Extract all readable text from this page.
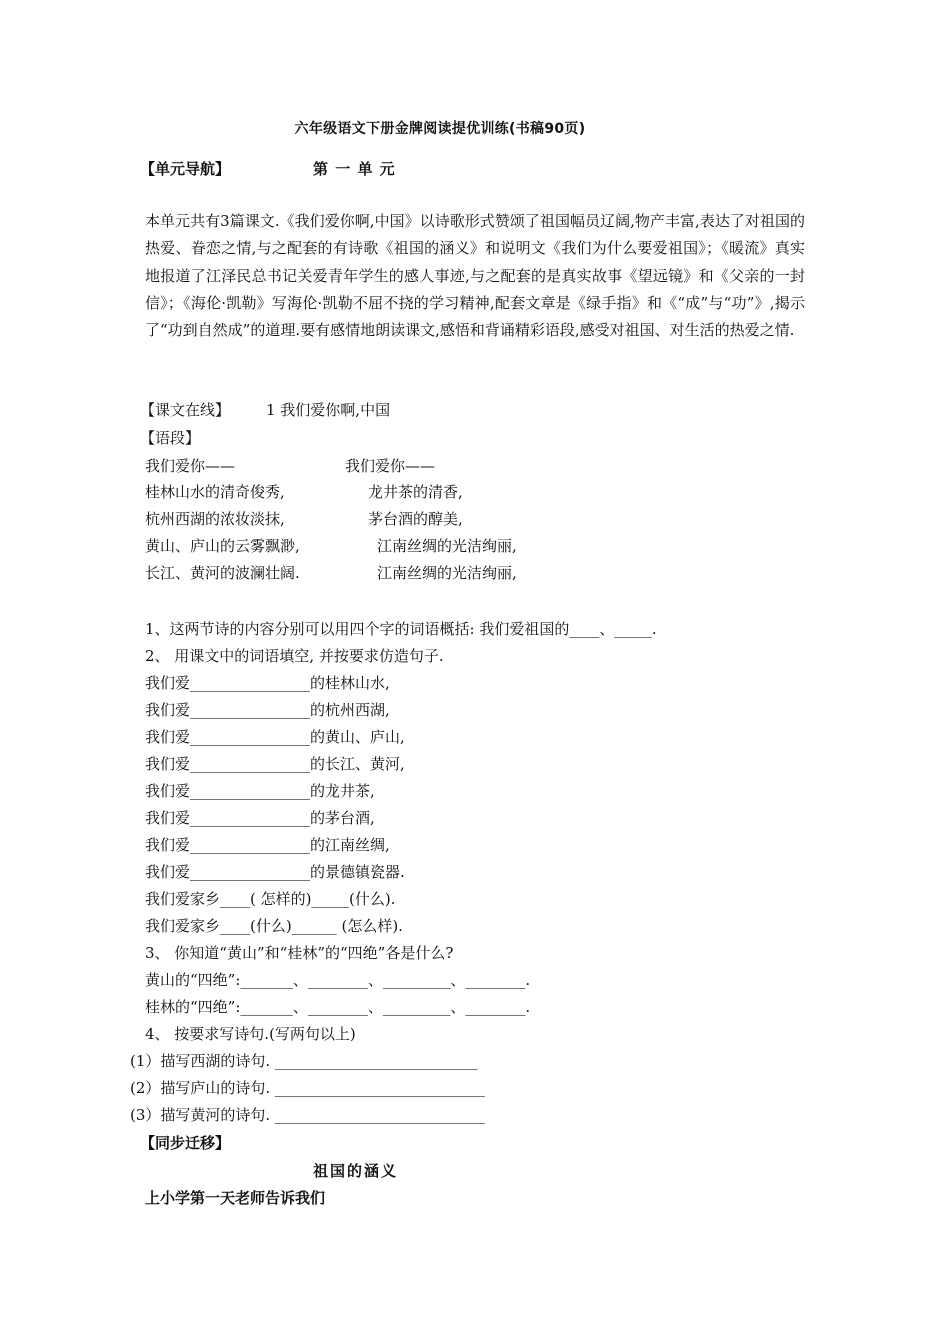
六年级语文下册金牌阅读提优训练(书稿90页)
【单元导航】	第 一 单 元
本单元共有3篇课文.《我们爱你啊,中国》以诗歌形式赞颂了祖国幅员辽阔,物产丰富,表达了对祖国的热爱、眷恋之情,与之配套的有诗歌《祖国的涵义》和说明文《我们为什么要爱祖国》；《暖流》真实地报道了江泽民总书记关爱青年学生的感人事迹,与之配套的是真实故事《望远镜》和《父亲的一封信》；《海伦·凯勒》写海伦·凯勒不屈不挠的学习精神,配套文章是《绿手指》和《“成”与“功”》,揭示了“功到自然成”的道理.要有感情地朗读课文,感悟和背诵精彩语段,感受对祖国、对生活的热爱之情.
【课文在线】 1 我们爱你啊,中国
【语段】
我们爱你——
桂林山水的清奇俊秀,
杭州西湖的浓妆淡抹,
黄山、庐山的云雾飘渺,
长江、黄河的波澜壮阔.
我们爱你——
龙井茶的清香,
茅台酒的醇美,
江南丝绸的光洁绚丽,
江南丝绸的光洁绚丽,
1、这两节诗的内容分别可以用四个字的词语概括: 我们爱祖国的____、_____.
2、 用课文中的词语填空, 并按要求仿造句子.
我们爱________________的桂林山水,
我们爱________________的杭州西湖,
我们爱________________的黄山、庐山,
我们爱________________的长江、黄河,
我们爱________________的龙井茶,
我们爱________________的茅台酒,
我们爱________________的江南丝绸,
我们爱________________的景德镇瓷器.
我们爱家乡____( 怎样的)_____(什么).
我们爱家乡____(什么)______ (怎么样).
3、 你知道“黄山”和“桂林”的“四绝”各是什么?
黄山的“四绝”:_______、________、_________、________.
桂林的“四绝”:_______、________、_________、________.
4、 按要求写诗句.(写两句以上)
(1）描写西湖的诗句. ___________________________
(2）描写庐山的诗句. ____________________________
(3）描写黄河的诗句. ____________________________
【同步迁移】
祖国的涵义
上小学第一天老师告诉我们
